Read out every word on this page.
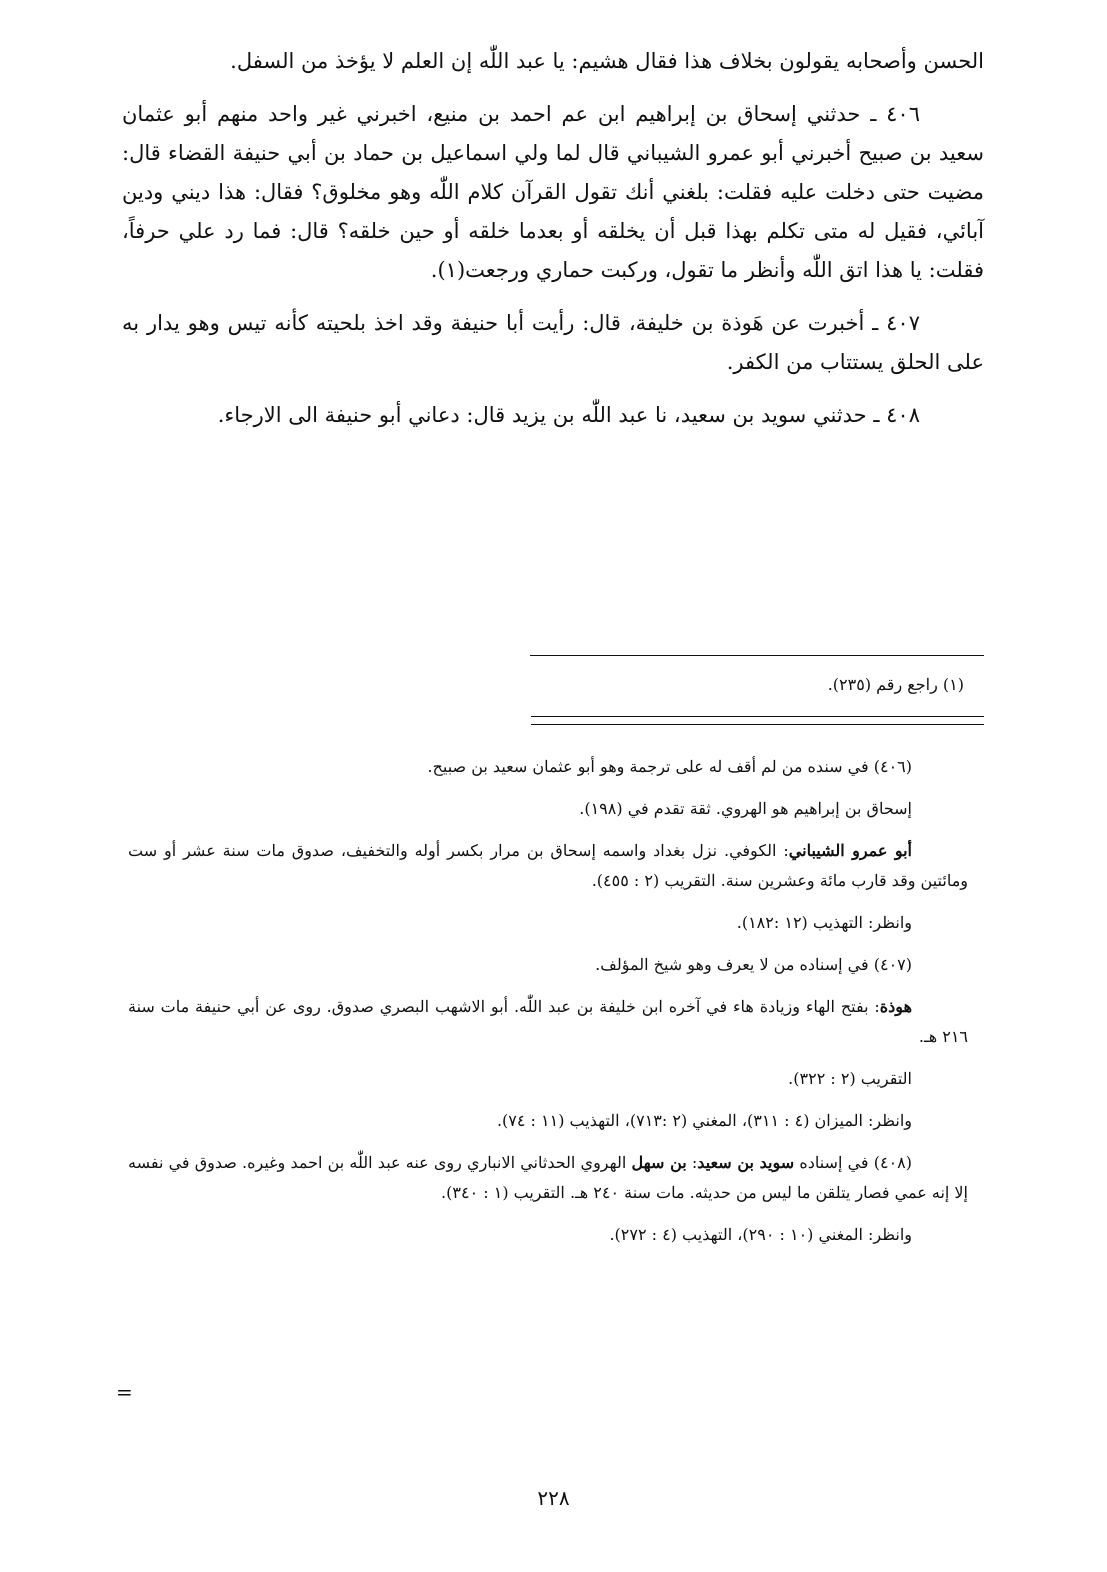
الحسن وأصحابه يقولون بخلاف هذا فقال هشيم: يا عبد اللّٰه إن العلم لا يؤخذ من السفل.

٤٠٦ ـ حدثني إسحاق بن إبراهيم ابن عم احمد بن منيع، اخبرني غير واحد منهم أبو عثمان سعيد بن صبيح أخبرني أبو عمرو الشيباني قال لما ولي اسماعيل بن حماد بن أبي حنيفة القضاء قال: مضيت حتى دخلت عليه فقلت: بلغني أنك تقول القرآن كلام اللّٰه وهو مخلوق؟ فقال: هذا ديني ودين آبائي، فقيل له متى تكلم بهذا قبل أن يخلقه أو بعدما خلقه أو حين خلقه؟ قال: فما رد علي حرفاً، فقلت: يا هذا اتق اللّٰه وأنظر ما تقول، وركبت حماري ورجعت(١).

٤٠٧ ـ أخبرت عن هَوذة بن خليفة، قال: رأيت أبا حنيفة وقد اخذ بلحيته كأنه تيس وهو يدار به على الحلق يستتاب من الكفر.

٤٠٨ ـ حدثني سويد بن سعيد، نا عبد اللّٰه بن يزيد قال: دعاني أبو حنيفة الى الارجاء.

(١) راجع رقم (٢٣٥).

(٤٠٦) في سنده من لم أقف له على ترجمة وهو أبو عثمان سعيد بن صبيح.

إسحاق بن إبراهيم هو الهروي. ثقة تقدم في (١٩٨).

أبو عمرو الشيباني: الكوفي. نزل بغداد واسمه إسحاق بن مرار بكسر أوله والتخفيف، صدوق مات سنة عشر أو ست ومائتين وقد قارب مائة وعشرين سنة. التقريب (٢ : ٤٥٥).

وانظر: التهذيب (١٢ :١٨٢).

(٤٠٧) في إسناده من لا يعرف وهو شيخ المؤلف.

هوذة: بفتح الهاء وزيادة هاء في آخره ابن خليفة بن عبد اللّٰه. أبو الاشهب البصري صدوق. روى عن أبي حنيفة مات سنة ٢١٦ هـ.

التقريب (٢ : ٣٢٢).

وانظر: الميزان (٤ : ٣١١)، المغني (٢ :٧١٣)، التهذيب (١١ : ٧٤).

(٤٠٨) في إسناده سويد بن سعيد: بن سهل الهروي الحدثاني الانباري روى عنه عبد اللّٰه بن احمد وغيره. صدوق في نفسه إلا إنه عمي فصار يتلقن ما ليس من حديثه. مات سنة ٢٤٠ هـ. التقريب (١ : ٣٤٠).

وانظر: المغني (١٠ : ٢٩٠)، التهذيب (٤ : ٢٧٢).

=
٢٢٨
